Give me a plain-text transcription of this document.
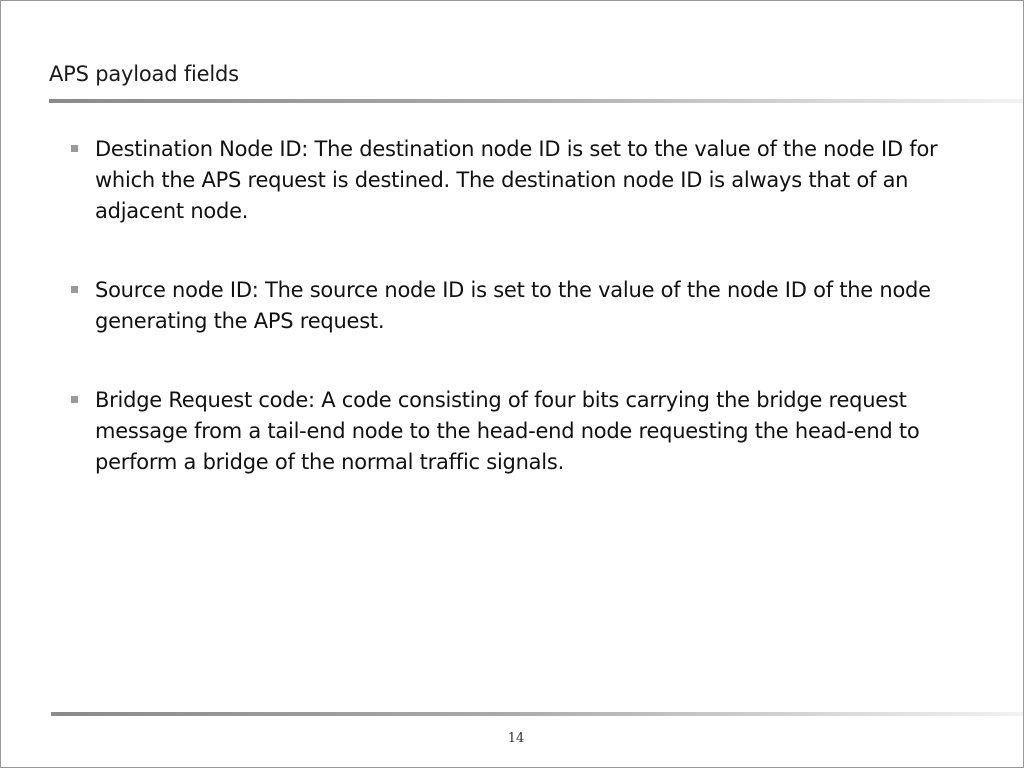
APS payload fields
Destination Node ID: The destination node ID is set to the value of the node ID for which the APS request is destined. The destination node ID is always that of an adjacent node.
Source node ID: The source node ID is set to the value of the node ID of the node generating the APS request.
Bridge Request code: A code consisting of four bits carrying the bridge request message from a tail-end node to the head-end node requesting the head-end to perform a bridge of the normal traffic signals.
14
